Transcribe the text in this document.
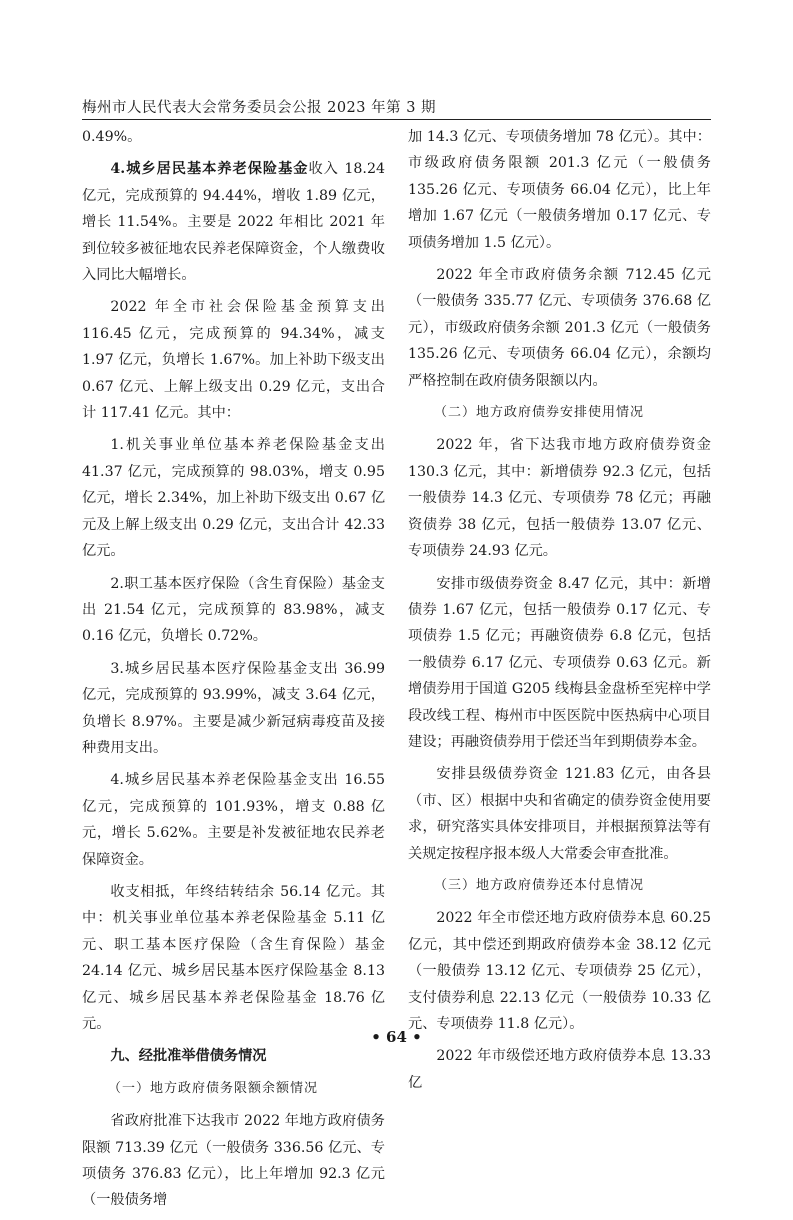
梅州市人民代表大会常务委员会公报 2023 年第 3 期

0.49%。

4.城乡居民基本养老保险基金收入 18.24 亿元，完成预算的 94.44%，增收 1.89 亿元，增长 11.54%。主要是 2022 年相比 2021 年到位较多被征地农民养老保障资金，个人缴费收入同比大幅增长。

2022 年全市社会保险基金预算支出 116.45 亿元，完成预算的 94.34%，减支 1.97 亿元，负增长 1.67%。加上补助下级支出 0.67 亿元、上解上级支出 0.29 亿元，支出合计 117.41 亿元。其中：

1.机关事业单位基本养老保险基金支出 41.37 亿元，完成预算的 98.03%，增支 0.95 亿元，增长 2.34%，加上补助下级支出 0.67 亿元及上解上级支出 0.29 亿元，支出合计 42.33 亿元。

2.职工基本医疗保险（含生育保险）基金支出 21.54 亿元，完成预算的 83.98%，减支 0.16 亿元，负增长 0.72%。

3.城乡居民基本医疗保险基金支出 36.99 亿元，完成预算的 93.99%，减支 3.64 亿元，负增长 8.97%。主要是减少新冠病毒疫苗及接种费用支出。

4.城乡居民基本养老保险基金支出 16.55 亿元，完成预算的 101.93%，增支 0.88 亿元，增长 5.62%。主要是补发被征地农民养老保障资金。

收支相抵，年终结转结余 56.14 亿元。其中：机关事业单位基本养老保险基金 5.11 亿元、职工基本医疗保险（含生育保险）基金 24.14 亿元、城乡居民基本医疗保险基金 8.13 亿元、城乡居民基本养老保险基金 18.76 亿元。

九、经批准举借债务情况

（一）地方政府债务限额余额情况

省政府批准下达我市 2022 年地方政府债务限额 713.39 亿元（一般债务 336.56 亿元、专项债务 376.83 亿元），比上年增加 92.3 亿元（一般债务增

加 14.3 亿元、专项债务增加 78 亿元）。其中：市级政府债务限额 201.3 亿元（一般债务 135.26 亿元、专项债务 66.04 亿元），比上年增加 1.67 亿元（一般债务增加 0.17 亿元、专项债务增加 1.5 亿元）。

2022 年全市政府债务余额 712.45 亿元（一般债务 335.77 亿元、专项债务 376.68 亿元），市级政府债务余额 201.3 亿元（一般债务 135.26 亿元、专项债务 66.04 亿元），余额均严格控制在政府债务限额以内。

（二）地方政府债券安排使用情况

2022 年，省下达我市地方政府债券资金 130.3 亿元，其中：新增债券 92.3 亿元，包括一般债券 14.3 亿元、专项债券 78 亿元；再融资债券 38 亿元，包括一般债券 13.07 亿元、专项债券 24.93 亿元。

安排市级债券资金 8.47 亿元，其中：新增债券 1.67 亿元，包括一般债券 0.17 亿元、专项债券 1.5 亿元；再融资债券 6.8 亿元，包括一般债券 6.17 亿元、专项债券 0.63 亿元。新增债券用于国道 G205 线梅县金盘桥至宪梓中学段改线工程、梅州市中医医院中医热病中心项目建设；再融资债券用于偿还当年到期债券本金。

安排县级债券资金 121.83 亿元，由各县（市、区）根据中央和省确定的债券资金使用要求，研究落实具体安排项目，并根据预算法等有关规定按程序报本级人大常委会审查批准。

（三）地方政府债券还本付息情况

2022 年全市偿还地方政府债券本息 60.25 亿元，其中偿还到期政府债券本金 38.12 亿元（一般债券 13.12 亿元、专项债券 25 亿元），支付债券利息 22.13 亿元（一般债券 10.33 亿元、专项债券 11.8 亿元）。

2022 年市级偿还地方政府债券本息 13.33 亿

• 64 •
